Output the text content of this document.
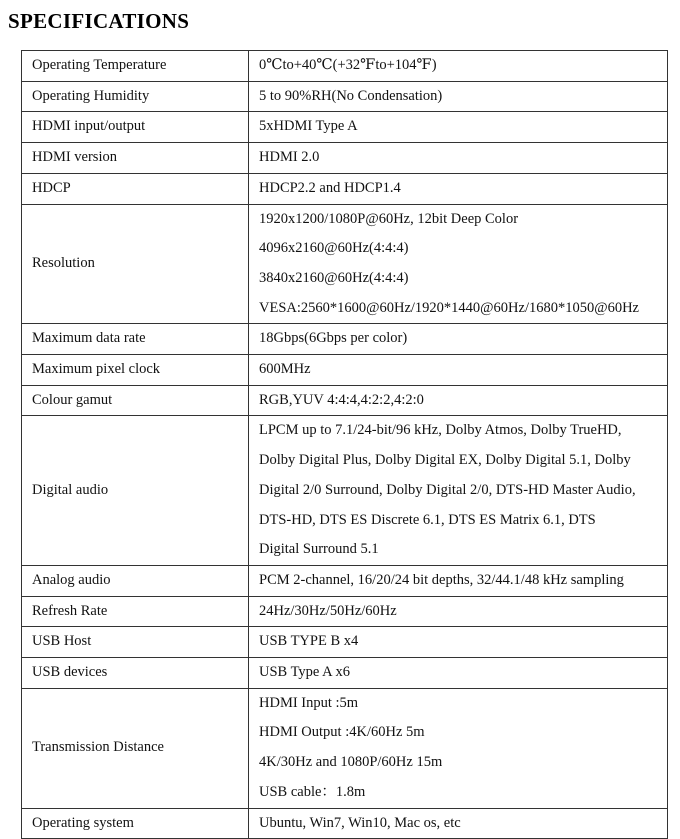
SPECIFICATIONS
Operating Temperature	0℃to+40℃(+32℉to+104℉)

Operating Humidity	5 to 90%RH(No Condensation)

HDMI input/output	5xHDMI Type A

HDMI version	HDMI 2.0

HDCP	HDCP2.2 and HDCP1.4

Resolution	1920x1200/1080P@60Hz, 12bit Deep Color
4096x2160@60Hz(4:4:4)
3840x2160@60Hz(4:4:4)
VESA:2560*1600@60Hz/1920*1440@60Hz/1680*1050@60Hz

Maximum data rate	18Gbps(6Gbps per color)

Maximum pixel clock	600MHz

Colour gamut	RGB,YUV 4:4:4,4:2:2,4:2:0

Digital audio	LPCM up to 7.1/24-bit/96 kHz, Dolby Atmos, Dolby TrueHD,
Dolby Digital Plus, Dolby Digital EX, Dolby Digital 5.1, Dolby
Digital 2/0 Surround, Dolby Digital 2/0, DTS-HD Master Audio,
DTS-HD, DTS ES Discrete 6.1, DTS ES Matrix 6.1, DTS
Digital Surround 5.1

Analog audio	PCM 2-channel, 16/20/24 bit depths, 32/44.1/48 kHz sampling

Refresh Rate	24Hz/30Hz/50Hz/60Hz

USB Host	USB TYPE B x4

USB devices	USB Type A x6

Transmission Distance	HDMI Input :5m
HDMI Output :4K/60Hz 5m
4K/30Hz and 1080P/60Hz 15m
USB cable：1.8m

Operating system	Ubuntu, Win7, Win10, Mac os, etc
